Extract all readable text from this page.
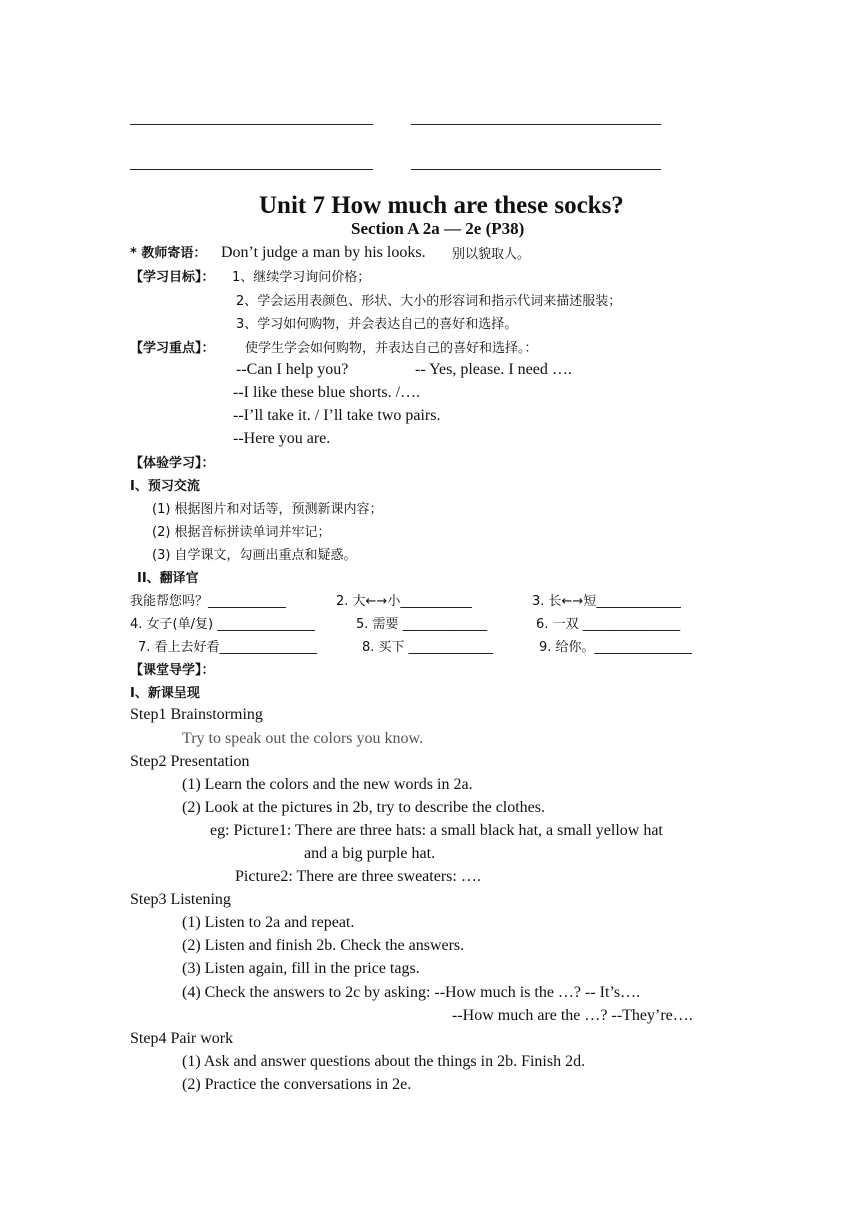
Unit 7 How much are these socks?
Section A 2a — 2e (P38)
* 教师寄语： Don’t judge a man by his looks. 别以貌取人。
【学习目标】： 1、继续学习询问价格；
2、学会运用表颜色、形状、大小的形容词和指示代词来描述服装；
3、学习如何购物，并会表达自己的喜好和选择。
【学习重点】： 使学生学会如何购物，并表达自己的喜好和选择。：
--Can I help you?	-- Yes, please. I need ….
--I like these blue shorts. /….
--I’ll take it. / I’ll take two pairs.
--Here you are.
【体验学习】：
I、预习交流
(1) 根据图片和对话等，预测新课内容；
(2) 根据音标拼读单词并牢记；
(3) 自学课文，勾画出重点和疑惑。
II、翻译官
我能帮您吗？____________	2. 大←→小___________	3. 长←→短_____________
4. 女子(单/复) _______________	5. 需要 _____________	6. 一双 _______________
7. 看上去好看_______________	8. 买下 _____________	9. 给你。_______________
【课堂导学】：
I、新课呈现
Step1 Brainstorming
Try to speak out the colors you know.
Step2 Presentation
(1) Learn the colors and the new words in 2a.
(2) Look at the pictures in 2b, try to describe the clothes.
eg: Picture1: There are three hats: a small black hat, a small yellow hat
and a big purple hat.
Picture2: There are three sweaters: ….
Step3 Listening
(1) Listen to 2a and repeat.
(2) Listen and finish 2b. Check the answers.
(3) Listen again, fill in the price tags.
(4) Check the answers to 2c by asking: --How much is the …? -- It’s….
--How much are the …? --They’re….
Step4 Pair work
(1) Ask and answer questions about the things in 2b. Finish 2d.
(2) Practice the conversations in 2e.
